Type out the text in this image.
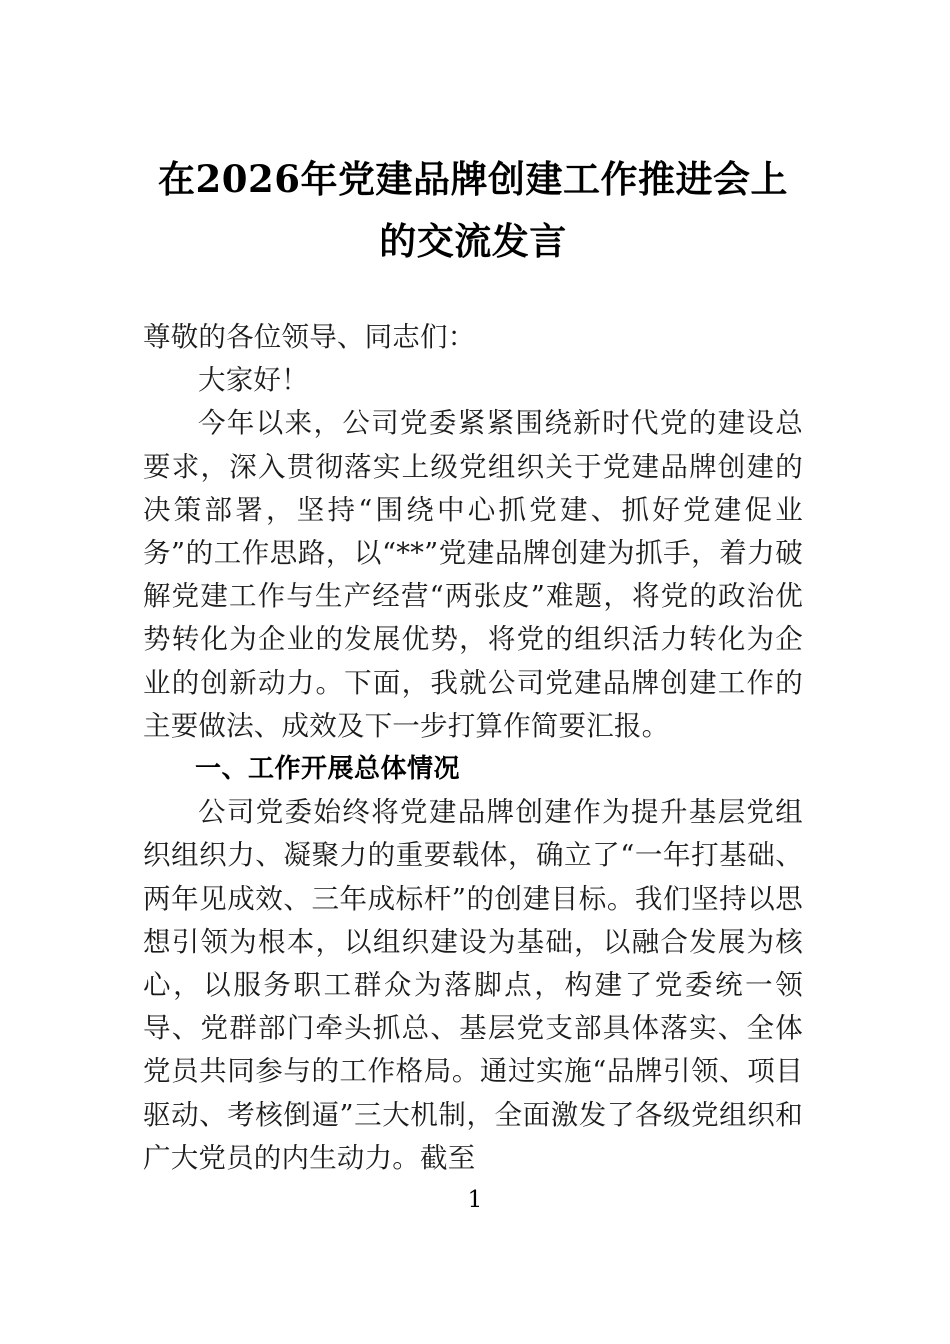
在2026年党建品牌创建工作推进会上的交流发言

尊敬的各位领导、同志们：

大家好！

今年以来，公司党委紧紧围绕新时代党的建设总要求，深入贯彻落实上级党组织关于党建品牌创建的决策部署，坚持“围绕中心抓党建、抓好党建促业务”的工作思路，以“**”党建品牌创建为抓手，着力破解党建工作与生产经营“两张皮”难题，将党的政治优势转化为企业的发展优势，将党的组织活力转化为企业的创新动力。下面，我就公司党建品牌创建工作的主要做法、成效及下一步打算作简要汇报。

一、工作开展总体情况

公司党委始终将党建品牌创建作为提升基层党组织组织力、凝聚力的重要载体，确立了“一年打基础、两年见成效、三年成标杆”的创建目标。我们坚持以思想引领为根本，以组织建设为基础，以融合发展为核心，以服务职工群众为落脚点，构建了党委统一领导、党群部门牵头抓总、基层党支部具体落实、全体党员共同参与的工作格局。通过实施“品牌引领、项目驱动、考核倒逼”三大机制，全面激发了各级党组织和广大党员的内生动力。截至

1
